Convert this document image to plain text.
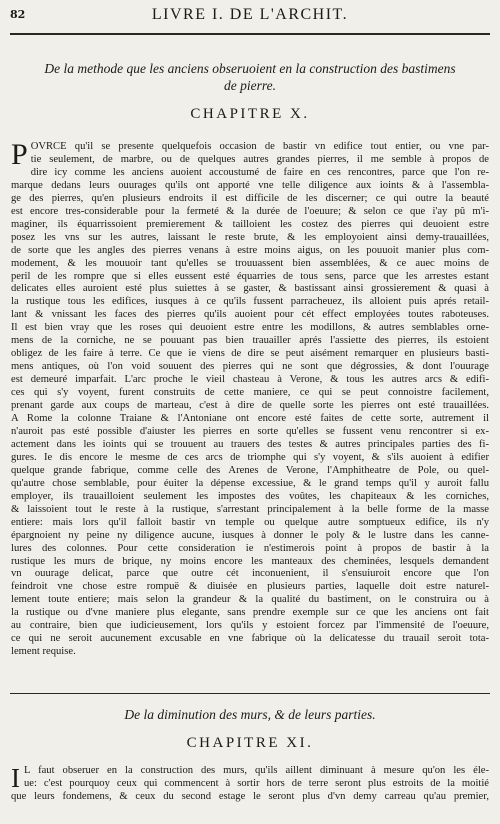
82	LIVRE I. DE L'ARCHIT.
De la methode que les anciens obseruoient en la construction des bastimens
de pierre.
CHAPITRE X.
P OVRCE qu'il se presente quelquefois occasion de bastir vn edifice tout entier, ou vne par-
tie seulement, de marbre, ou de quelques autres grandes pierres, il me semble à propos de
dire icy comme les anciens auoient accoustumé de faire en ces rencontres, parce que l'on re-
marque dedans leurs ouurages qu'ils ont apporté vne telle diligence aux ioints & à l'assembla-
ge des pierres, qu'en plusieurs endroits il est difficile de les discerner; ce qui outre la beauté
est encore tres-considerable pour la fermeté & la durée de l'oeuure; & selon ce que i'ay pû m'i-
maginer, ils équarrissoient premierement & tailloient les costez des pierres qui deuoient estre
posez les vns sur les autres, laissant le reste brute, & les employoient ainsi demy-trauaillées,
de sorte que les angles des pierres venans à estre moins aigus, on les pouuoit manier plus com-
modement, & les mouuoir tant qu'elles se trouuassent bien assemblées, & ce auec moins de
peril de les rompre que si elles eussent esté équarries de tous sens, parce que les arrestes estant
delicates elles auroient esté plus suiettes à se gaster, & bastissant ainsi grossierement & quasi à
la rustique tous les edifices, iusques à ce qu'ils fussent parracheuez, ils alloient puis aprés retail-
lant & vnissant les faces des pierres qu'ils auoient pour cét effect employées toutes raboteuses.
Il est bien vray que les roses qui deuoient estre entre les modillons, & autres semblables orne-
mens de la corniche, ne se pouuant pas bien trauailler aprés l'assiette des pierres, ils estoient
obligez de les faire à terre. Ce que ie viens de dire se peut aisément remarquer en plusieurs basti-
mens antiques, où l'on void souuent des pierres qui ne sont que dégrossies, & dont l'ouurage
est demeuré imparfait. L'arc proche le vieil chasteau à Verone, & tous les autres arcs & edifi-
ces qui s'y voyent, furent construits de cette maniere, ce qui se peut connoistre facilement,
prenant garde aux coups de marteau, c'est à dire de quelle sorte les pierres ont esté trauaillées.
A Rome la colonne Traiane & l'Antoniane ont encore esté faites de cette sorte, autrement il
n'auroit pas esté possible d'aiuster les pierres en sorte qu'elles se fussent venu rencontrer si ex-
actement dans les ioints qui se trouuent au trauers des testes & autres principales parties des fi-
gures. Ie dis encore le mesme de ces arcs de triomphe qui s'y voyent, & s'ils auoient à edifier
quelque grande fabrique, comme celle des Arenes de Verone, l'Amphitheatre de Pole, ou quel-
qu'autre chose semblable, pour éuiter la dépense excessiue, & le grand temps qu'il y auroit fallu
employer, ils trauailloient seulement les impostes des voûtes, les chapiteaux & les corniches,
& laissoient tout le reste à la rustique, s'arrestant principalement à la belle forme de la masse
entiere: mais lors qu'il falloit bastir vn temple ou quelque autre somptueux edifice, ils n'y
épargnoient ny peine ny diligence aucune, iusques à donner le poly & le lustre dans les canne-
lures des colonnes. Pour cette consideration ie n'estimerois point à propos de bastir à la
rustique les murs de brique, ny moins encore les manteaux des cheminées, lesquels demandent
vn ouurage delicat, parce que outre cét inconuenient, il s'ensuiuroit encore que l'on
feindroit vne chose estre rompuë & diuisée en plusieurs parties, laquelle doit estre naturel-
lement toute entiere; mais selon la grandeur & la qualité du bastiment, on le construira ou à
la rustique ou d'vne maniere plus elegante, sans prendre exemple sur ce que les anciens ont fait
au contraire, bien que iudicieusement, lors qu'ils y estoient forcez par l'immensité de l'oeuure,
ce qui ne seroit aucunement excusable en vne fabrique où la delicatesse du trauail seroit tota-
lement requise.
De la diminution des murs, & de leurs parties.
CHAPITRE XI.
I L faut obseruer en la construction des murs, qu'ils aillent diminuant à mesure qu'on les éle-
ue: c'est pourquoy ceux qui commencent à sortir hors de terre seront plus estroits de la moitié
que leurs fondemens, & ceux du second estage le seront plus d'vn demy carreau qu'au premier,
